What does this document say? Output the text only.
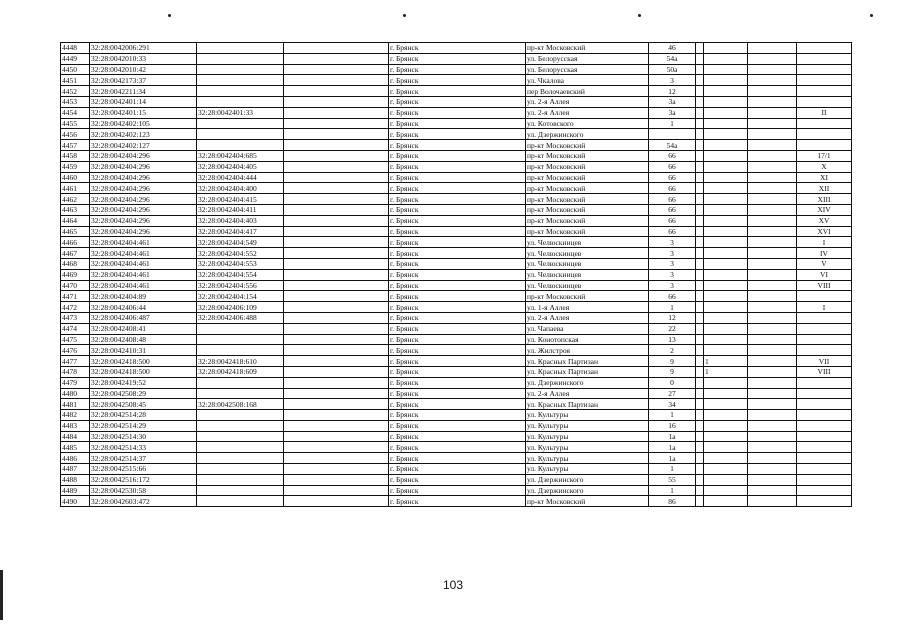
4448	32:28:0042006:291			г. Брянск	пр-кт Московский	46				
4449	32:28:0042010:33			г. Брянск	ул. Белорусская	54а				
4450	32:28:0042010:42			г. Брянск	ул. Белорусская	50а				
4451	32:28:0042173:37			г. Брянск	ул. Чкалова	3				
4452	32:28:0042211:34			г. Брянск	пер Волочаевский	12				
4453	32:28:0042401:14			г. Брянск	ул. 2-я Аллея	3а				
4454	32:28:0042401:15	32:28:0042401:33		г. Брянск	ул. 2-я Аллея	3а				II
4455	32:28:0042402:105			г. Брянск	ул. Котовского	1				
4456	32:28:0042402:123			г. Брянск	ул. Дзержинского					
4457	32:28:0042402:127			г. Брянск	пр-кт Московский	54а				
4458	32:28:0042404:296	32:28:0042404:685		г. Брянск	пр-кт Московский	66				17/1
4459	32:28:0042404:296	32:28:0042404:405		г. Брянск	пр-кт Московский	66				X
4460	32:28:0042404:296	32:28:0042404:444		г. Брянск	пр-кт Московский	66				XI
4461	32:28:0042404:296	32:28:0042404:400		г. Брянск	пр-кт Московский	66				XII
4462	32:28:0042404:296	32:28:0042404:415		г. Брянск	пр-кт Московский	66				XIII
4463	32:28:0042404:296	32:28:0042404:411		г. Брянск	пр-кт Московский	66				XIV
4464	32:28:0042404:296	32:28:0042404:403		г. Брянск	пр-кт Московский	66				XV
4465	32:28:0042404:296	32:28:0042404:417		г. Брянск	пр-кт Московский	66				XVI
4466	32:28:0042404:461	32:28:0042404:549		г. Брянск	ул. Челюскинцев	3				I
4467	32:28:0042404:461	32:28:0042404:552		г. Брянск	ул. Челюскинцев	3				IV
4468	32:28:0042404:461	32:28:0042404:553		г. Брянск	ул. Челюскинцев	3				V
4469	32:28:0042404:461	32:28:0042404:554		г. Брянск	ул. Челюскинцев	3				VI
4470	32:28:0042404:461	32:28:0042404:556		г. Брянск	ул. Челюскинцев	3				VIII
4471	32:28:0042404:89	32:28:0042404:154		г. Брянск	пр-кт Московский	66				
4472	32:28:0042406:44	32:28:0042406:109		г. Брянск	ул. 1-я Аллея	1				I
4473	32:28:0042406:487	32:28:0042406:488		г. Брянск	ул. 2-я Аллея	12				
4474	32:28:0042408:41			г. Брянск	ул. Чапаева	22				
4475	32:28:0042408:48			г. Брянск	ул. Конотопская	13				
4476	32:28:0042410:31			г. Брянск	ул. Жилстроя	2				
4477	32:28:0042418:500	32:28:0042418:610		г. Брянск	ул. Красных Партизан	9		1		VII
4478	32:28:0042418:500	32:28:0042418:609		г. Брянск	ул. Красных Партизан	9		1		VIII
4479	32:28:0042419:52			г. Брянск	ул. Дзержинского	0				
4480	32:28:0042508:29			г. Брянск	ул. 2-я Аллея	27				
4481	32:28:0042508:45	32:28:0042508:168		г. Брянск	ул. Красных Партизан	34				
4482	32:28:0042514:28			г. Брянск	ул. Культуры	1				
4483	32:28:0042514:29			г. Брянск	ул. Культуры	16				
4484	32:28:0042514:30			г. Брянск	ул. Культуры	1а				
4485	32:28:0042514:33			г. Брянск	ул. Культуры	1а				
4486	32:28:0042514:37			г. Брянск	ул. Культуры	1а				
4487	32:28:0042515:66			г. Брянск	ул. Культуры	1				
4488	32:28:0042516:172			г. Брянск	ул. Дзержинского	55				
4489	32:28:0042530:58			г. Брянск	ул. Дзержинского	1				
4490	32:28:0042603:472			г. Брянск	пр-кт Московский	86				
103
